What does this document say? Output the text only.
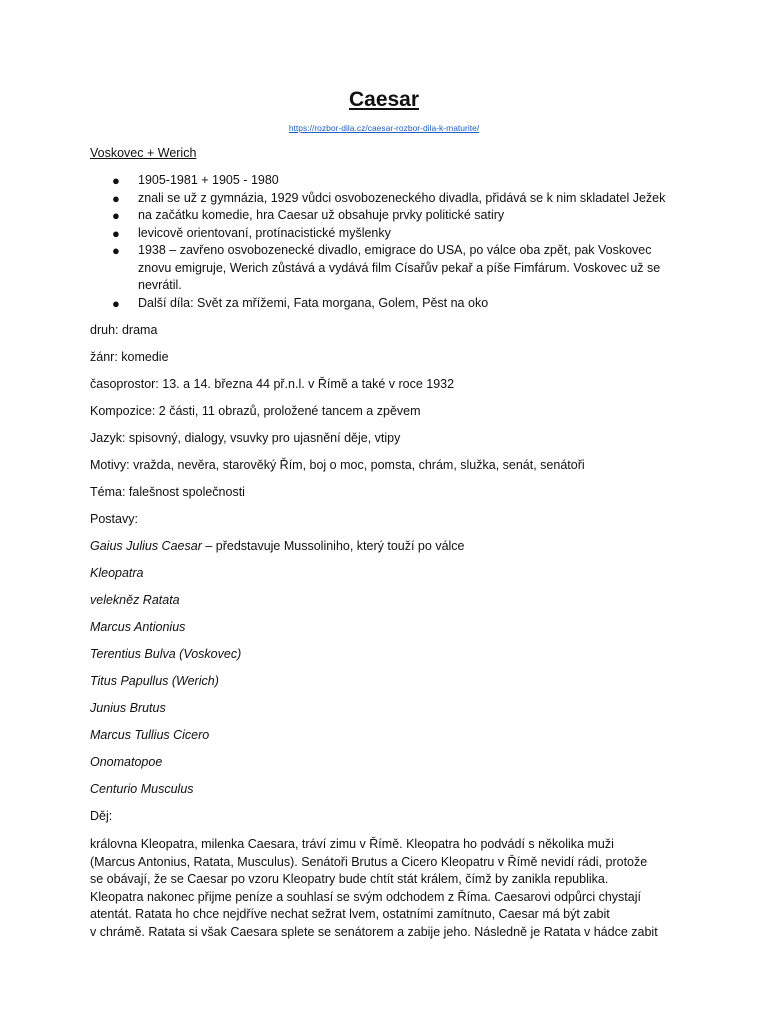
Caesar
https://rozbor-dila.cz/caesar-rozbor-dila-k-maturite/
Voskovec + Werich
● 1905-1981 + 1905 - 1980
● znali se už z gymnázia, 1929 vůdci osvobozeneckého divadla, přidává se k nim skladatel Ježek
● na začátku komedie, hra Caesar už obsahuje prvky politické satiry
● levicově orientovaní, protínacistické myšlenky
● 1938 – zavřeno osvobozenecké divadlo, emigrace do USA, po válce oba zpět, pak Voskovec znovu emigruje, Werich zůstává a vydává film Císařův pekař a píše Fimfárum. Voskovec už se nevrátil.
● Další díla: Svět za mřížemi, Fata morgana, Golem, Pěst na oko
druh: drama
žánr: komedie
časoprostor: 13. a 14. března 44 př.n.l. v Římě a také v roce 1932
Kompozice: 2 části, 11 obrazů, proložené tancem a zpěvem
Jazyk: spisovný, dialogy, vsuvky pro ujasnění děje, vtipy
Motivy: vražda, nevěra, starověký Řím, boj o moc, pomsta, chrám, služka, senát, senátoři
Téma: falešnost společnosti
Postavy:
Gaius Julius Caesar – představuje Mussoliniho, který touží po válce
Kleopatra
velekněz Ratata
Marcus Antionius
Terentius Bulva (Voskovec)
Titus Papullus (Werich)
Junius Brutus
Marcus Tullius Cicero
Onomatopoe
Centurio Musculus
Děj:
královna Kleopatra, milenka Caesara, tráví zimu v Římě. Kleopatra ho podvádí s několika muži
(Marcus Antonius, Ratata, Musculus). Senátoři Brutus a Cicero Kleopatru v Římě nevidí rádi, protože
se obávají, že se Caesar po vzoru Kleopatry bude chtít stát králem, čímž by zanikla republika.
Kleopatra nakonec přijme peníze a souhlasí se svým odchodem z Říma. Caesarovi odpůrci chystají
atentát. Ratata ho chce nejdříve nechat sežrat lvem, ostatními zamítnuto, Caesar má být zabit
v chrámě. Ratata si však Caesara splete se senátorem a zabije jeho. Následně je Ratata v hádce zabit
